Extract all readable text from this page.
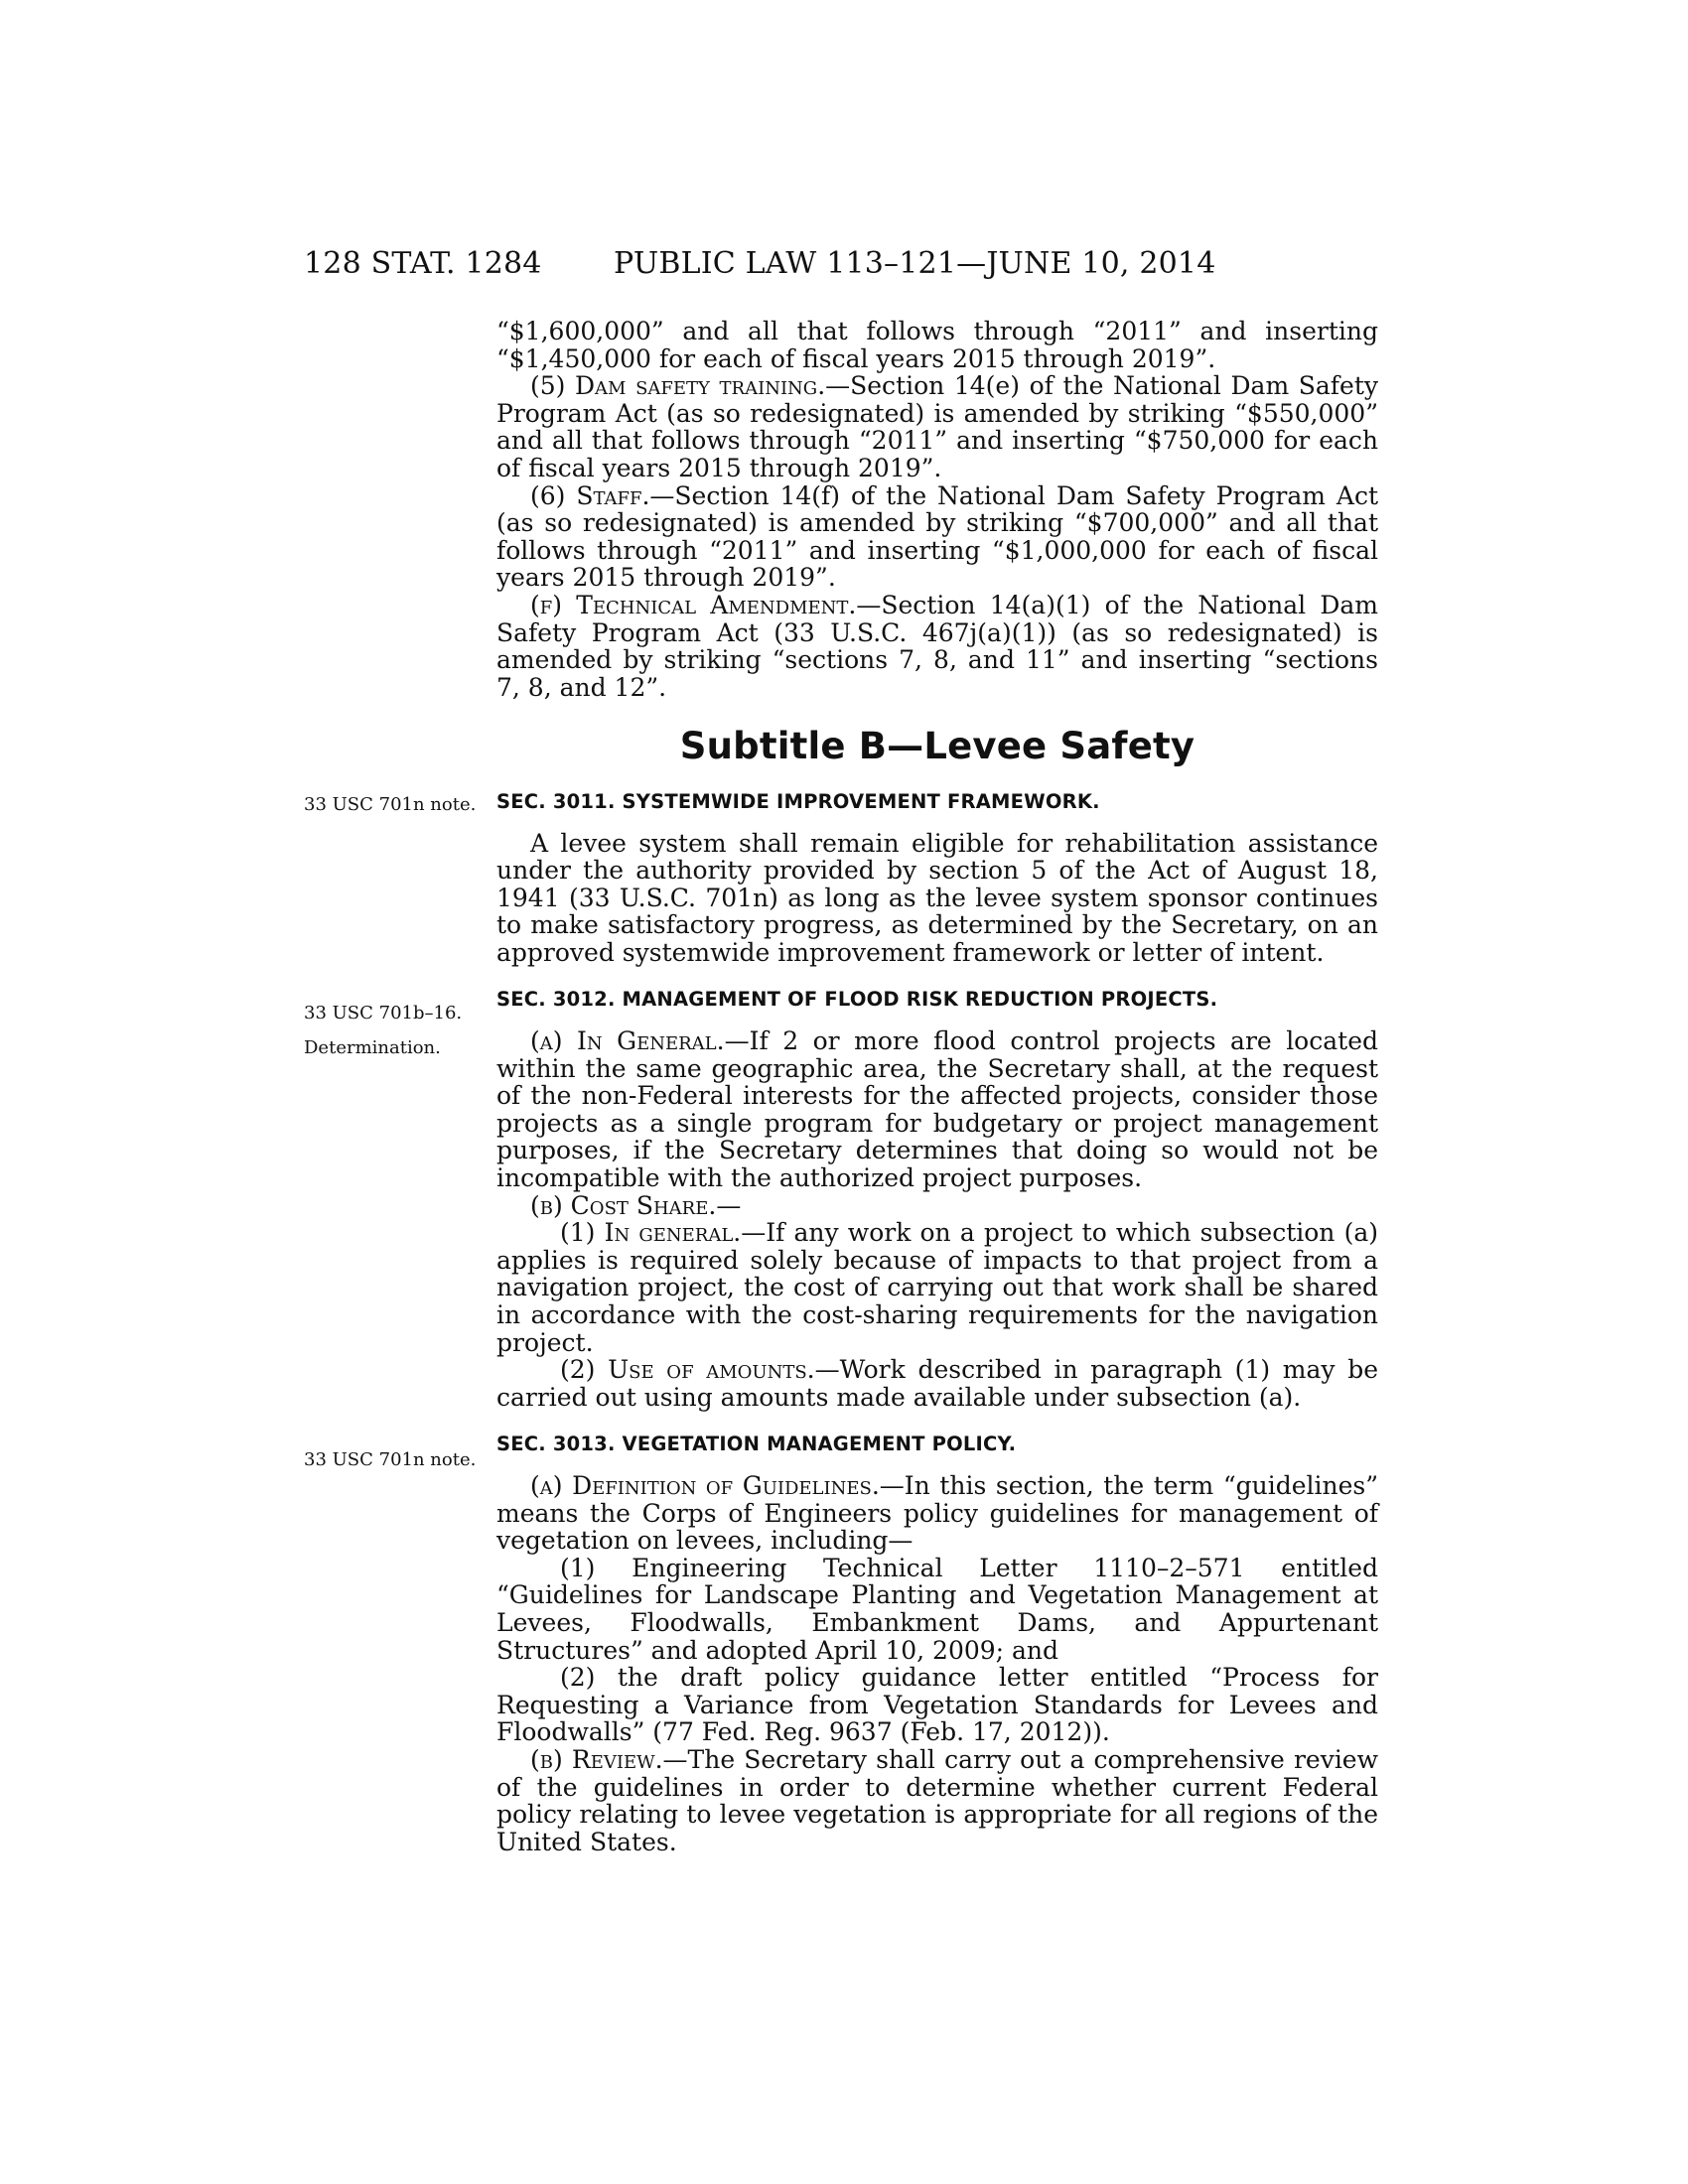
128 STAT. 1284 PUBLIC LAW 113–121—JUNE 10, 2014
33 USC 701n note.
33 USC 701b–16.
Determination.
33 USC 701n note.

“$1,600,000” and all that follows through “2011” and inserting “$1,450,000 for each of fiscal years 2015 through 2019”.

(5) Dam safety training.—Section 14(e) of the National Dam Safety Program Act (as so redesignated) is amended by striking “$550,000” and all that follows through “2011” and inserting “$750,000 for each of fiscal years 2015 through 2019”.

(6) Staff.—Section 14(f) of the National Dam Safety Program Act (as so redesignated) is amended by striking “$700,000” and all that follows through “2011” and inserting “$1,000,000 for each of fiscal years 2015 through 2019”.

(f) Technical Amendment.—Section 14(a)(1) of the National Dam Safety Program Act (33 U.S.C. 467j(a)(1)) (as so redesignated) is amended by striking “sections 7, 8, and 11” and inserting “sections 7, 8, and 12”.

Subtitle B—Levee Safety
SEC. 3011. SYSTEMWIDE IMPROVEMENT FRAMEWORK.

A levee system shall remain eligible for rehabilitation assistance under the authority provided by section 5 of the Act of August 18, 1941 (33 U.S.C. 701n) as long as the levee system sponsor continues to make satisfactory progress, as determined by the Secretary, on an approved systemwide improvement framework or letter of intent.

SEC. 3012. MANAGEMENT OF FLOOD RISK REDUCTION PROJECTS.

(a) In General.—If 2 or more flood control projects are located within the same geographic area, the Secretary shall, at the request of the non-Federal interests for the affected projects, consider those projects as a single program for budgetary or project management purposes, if the Secretary determines that doing so would not be incompatible with the authorized project purposes.

(b) Cost Share.—

(1) In general.—If any work on a project to which subsection (a) applies is required solely because of impacts to that project from a navigation project, the cost of carrying out that work shall be shared in accordance with the cost-sharing requirements for the navigation project.

(2) Use of amounts.—Work described in paragraph (1) may be carried out using amounts made available under subsection (a).

SEC. 3013. VEGETATION MANAGEMENT POLICY.

(a) Definition of Guidelines.—In this section, the term “guidelines” means the Corps of Engineers policy guidelines for management of vegetation on levees, including—

(1) Engineering Technical Letter 1110–2–571 entitled “Guidelines for Landscape Planting and Vegetation Management at Levees, Floodwalls, Embankment Dams, and Appurtenant Structures” and adopted April 10, 2009; and

(2) the draft policy guidance letter entitled “Process for Requesting a Variance from Vegetation Standards for Levees and Floodwalls” (77 Fed. Reg. 9637 (Feb. 17, 2012)).

(b) Review.—The Secretary shall carry out a comprehensive review of the guidelines in order to determine whether current Federal policy relating to levee vegetation is appropriate for all regions of the United States.
